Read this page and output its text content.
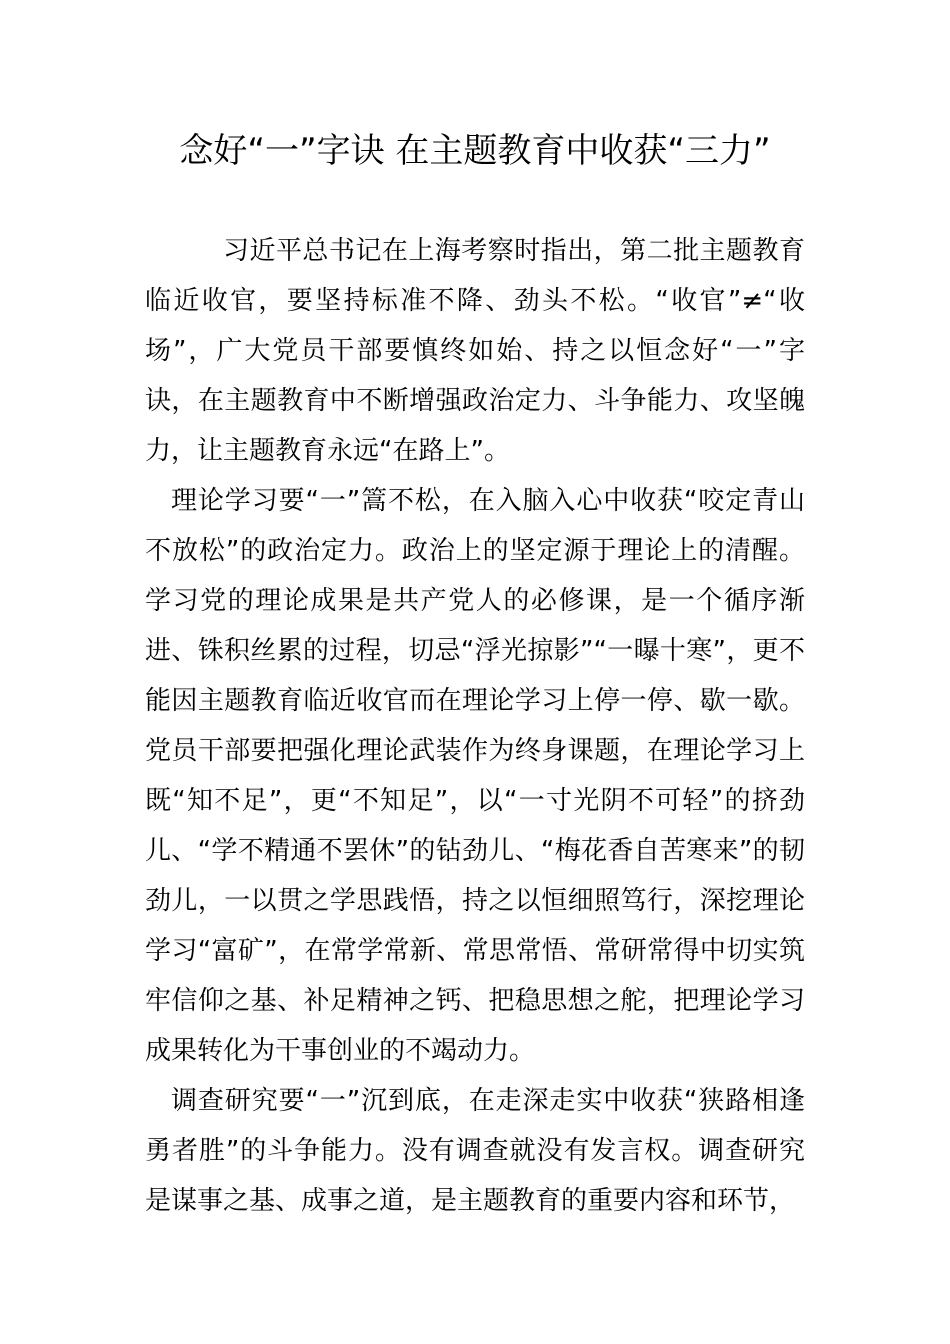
念好“一”字诀 在主题教育中收获“三力”

习近平总书记在上海考察时指出，第二批主题教育临近收官，要坚持标准不降、劲头不松。“收官”≠“收场”，广大党员干部要慎终如始、持之以恒念好“一”字诀，在主题教育中不断增强政治定力、斗争能力、攻坚魄力，让主题教育永远“在路上”。

理论学习要“一”篙不松，在入脑入心中收获“咬定青山不放松”的政治定力。政治上的坚定源于理论上的清醒。学习党的理论成果是共产党人的必修课，是一个循序渐进、铢积丝累的过程，切忌“浮光掠影”“一曝十寒”，更不能因主题教育临近收官而在理论学习上停一停、歇一歇。党员干部要把强化理论武装作为终身课题，在理论学习上既“知不足”，更“不知足”，以“一寸光阴不可轻”的挤劲儿、“学不精通不罢休”的钻劲儿、“梅花香自苦寒来”的韧劲儿，一以贯之学思践悟，持之以恒细照笃行，深挖理论学习“富矿”，在常学常新、常思常悟、常研常得中切实筑牢信仰之基、补足精神之钙、把稳思想之舵，把理论学习成果转化为干事创业的不竭动力。

调查研究要“一”沉到底，在走深走实中收获“狭路相逢勇者胜”的斗争能力。没有调查就没有发言权。调查研究是谋事之基、成事之道，是主题教育的重要内容和环节，
